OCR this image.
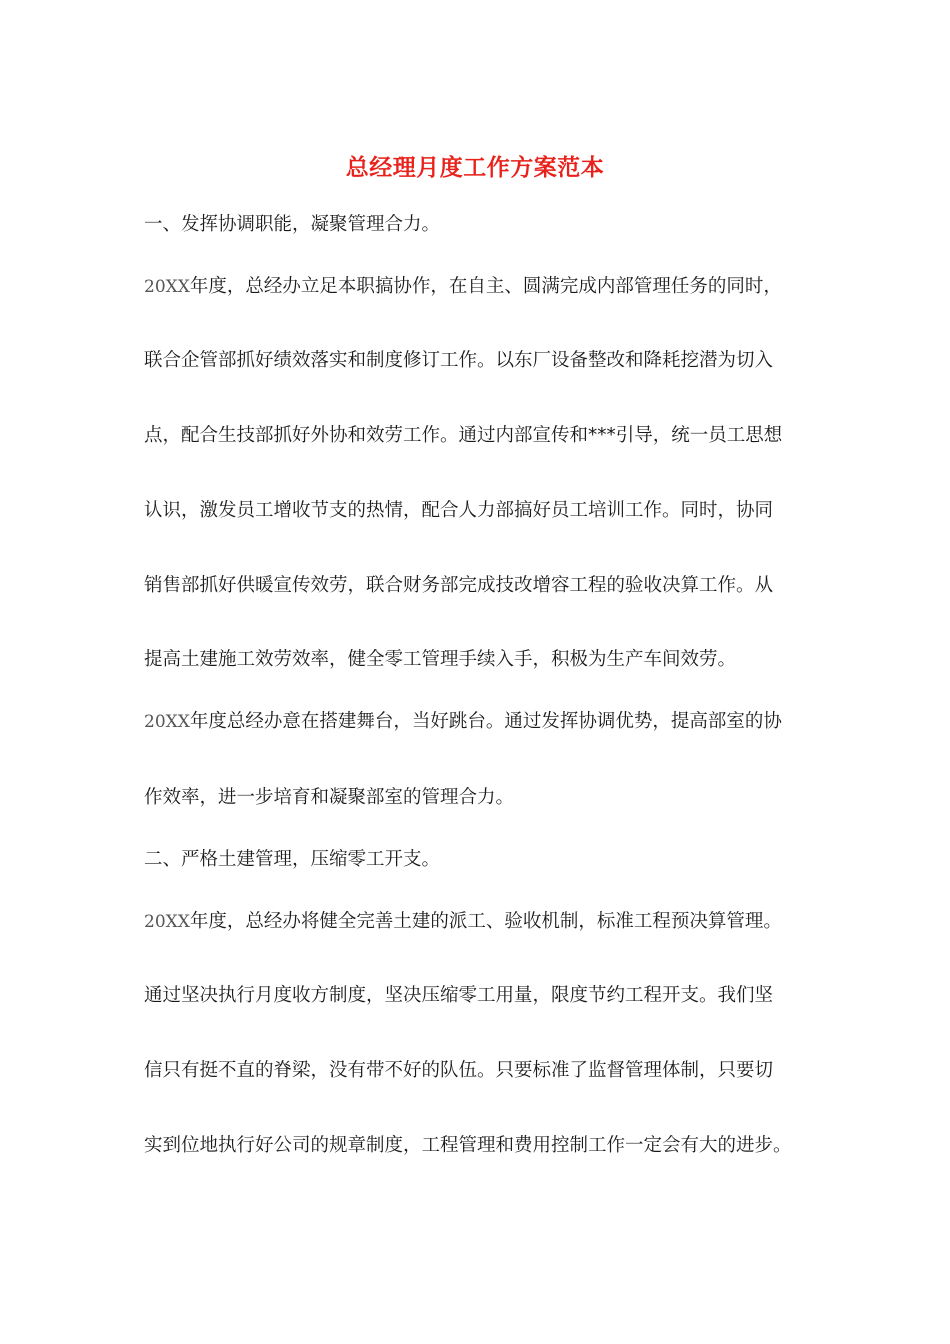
总经理月度工作方案范本
一、发挥协调职能，凝聚管理合力。
20XX年度，总经办立足本职搞协作，在自主、圆满完成内部管理任务的同时，
联合企管部抓好绩效落实和制度修订工作。以东厂设备整改和降耗挖潜为切入
点，配合生技部抓好外协和效劳工作。通过内部宣传和***引导，统一员工思想
认识，激发员工增收节支的热情，配合人力部搞好员工培训工作。同时，协同
销售部抓好供暖宣传效劳，联合财务部完成技改增容工程的验收决算工作。从
提高土建施工效劳效率，健全零工管理手续入手，积极为生产车间效劳。
20XX年度总经办意在搭建舞台，当好跳台。通过发挥协调优势，提高部室的协
作效率，进一步培育和凝聚部室的管理合力。
二、严格土建管理，压缩零工开支。
20XX年度，总经办将健全完善土建的派工、验收机制，标准工程预决算管理。
通过坚决执行月度收方制度，坚决压缩零工用量，限度节约工程开支。我们坚
信只有挺不直的脊梁，没有带不好的队伍。只要标准了监督管理体制，只要切
实到位地执行好公司的规章制度，工程管理和费用控制工作一定会有大的进步。
